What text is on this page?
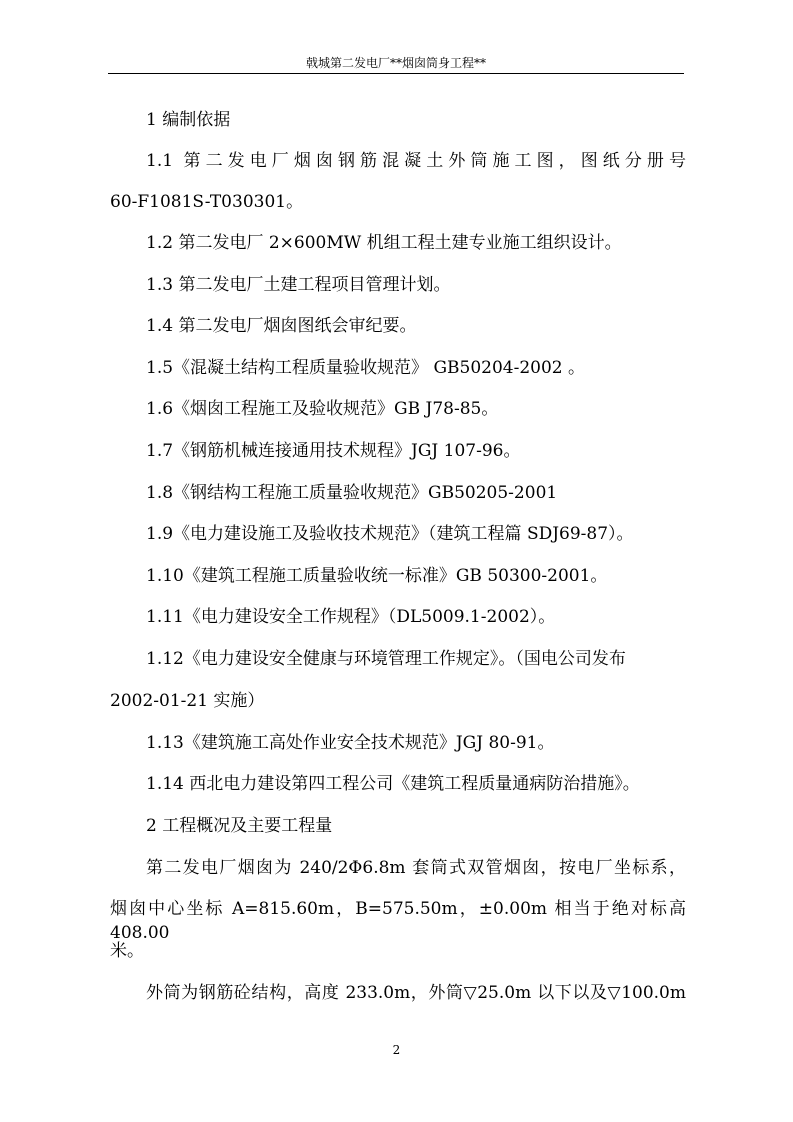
戟城第二发电厂**烟囱筒身工程**
1 编制依据
1.1 第二发电厂烟囱钢筋混凝土外筒施工图，图纸分册号
60-F1081S-T030301。
1.2 第二发电厂 2×600MW 机组工程土建专业施工组织设计。
1.3 第二发电厂土建工程项目管理计划。
1.4 第二发电厂烟囱图纸会审纪要。
1.5《混凝土结构工程质量验收规范》 GB50204-2002 。
1.6《烟囱工程施工及验收规范》GB J78-85。
1.7《钢筋机械连接通用技术规程》JGJ 107-96。
1.8《钢结构工程施工质量验收规范》GB50205-2001
1.9《电力建设施工及验收技术规范》（建筑工程篇 SDJ69-87）。
1.10《建筑工程施工质量验收统一标准》GB 50300-2001。
1.11《电力建设安全工作规程》（DL5009.1-2002）。
1.12《电力建设安全健康与环境管理工作规定》。（国电公司发布
2002-01-21 实施）
1.13《建筑施工高处作业安全技术规范》JGJ 80-91。
1.14 西北电力建设第四工程公司《建筑工程质量通病防治措施》。
2 工程概况及主要工程量
第二发电厂烟囱为 240/2Φ6.8m 套筒式双管烟囱，按电厂坐标系，
烟囱中心坐标 A=815.60m，B=575.50m，±0.00m 相当于绝对标高 408.00
米。
外筒为钢筋砼结构，高度 233.0m，外筒▽25.0m 以下以及▽100.0m
2
